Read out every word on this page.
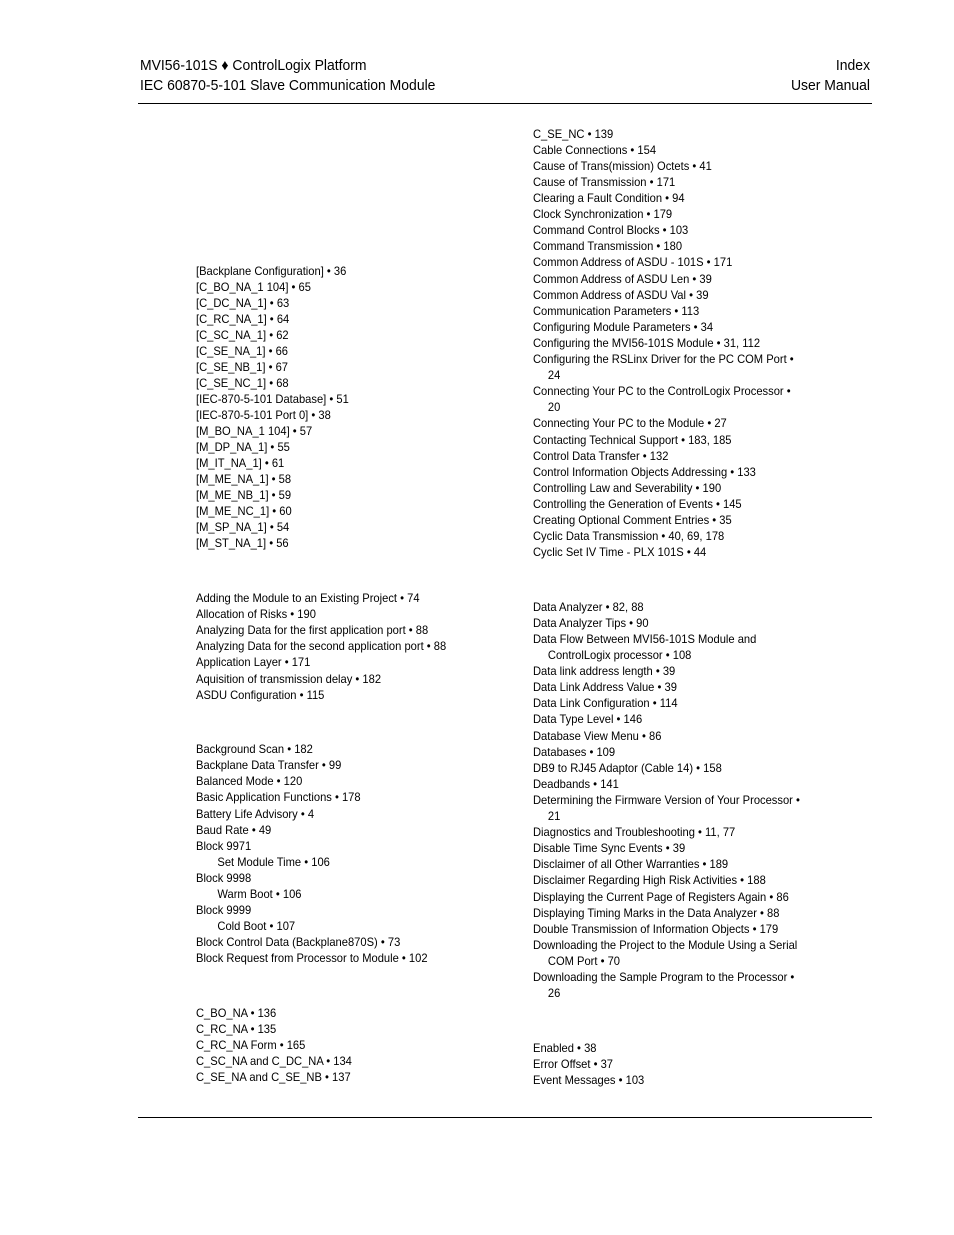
MVI56-101S ♦ ControlLogix Platform
IEC 60870-5-101 Slave Communication Module
Index
User Manual
[Backplane Configuration] • 36
[C_BO_NA_1 104] • 65
[C_DC_NA_1] • 63
[C_RC_NA_1] • 64
[C_SC_NA_1] • 62
[C_SE_NA_1] • 66
[C_SE_NB_1] • 67
[C_SE_NC_1] • 68
[IEC-870-5-101 Database] • 51
[IEC-870-5-101 Port 0] • 38
[M_BO_NA_1 104] • 57
[M_DP_NA_1] • 55
[M_IT_NA_1] • 61
[M_ME_NA_1] • 58
[M_ME_NB_1] • 59
[M_ME_NC_1] • 60
[M_SP_NA_1] • 54
[M_ST_NA_1] • 56
Adding the Module to an Existing Project • 74
Allocation of Risks • 190
Analyzing Data for the first application port • 88
Analyzing Data for the second application port • 88
Application Layer • 171
Aquisition of transmission delay • 182
ASDU Configuration • 115
Background Scan • 182
Backplane Data Transfer • 99
Balanced Mode • 120
Basic Application Functions • 178
Battery Life Advisory • 4
Baud Rate • 49
Block 9971
Set Module Time • 106
Block 9998
Warm Boot • 106
Block 9999
Cold Boot • 107
Block Control Data (Backplane870S) • 73
Block Request from Processor to Module • 102
C_BO_NA • 136
C_RC_NA • 135
C_RC_NA Form • 165
C_SC_NA and C_DC_NA • 134
C_SE_NA and C_SE_NB • 137
C_SE_NC • 139
Cable Connections • 154
Cause of Trans(mission) Octets • 41
Cause of Transmission • 171
Clearing a Fault Condition • 94
Clock Synchronization • 179
Command Control Blocks • 103
Command Transmission • 180
Common Address of ASDU - 101S • 171
Common Address of ASDU Len • 39
Common Address of ASDU Val • 39
Communication Parameters • 113
Configuring Module Parameters • 34
Configuring the MVI56-101S Module • 31, 112
Configuring the RSLinx Driver for the PC COM Port •
24
Connecting Your PC to the ControlLogix Processor •
20
Connecting Your PC to the Module • 27
Contacting Technical Support • 183, 185
Control Data Transfer • 132
Control Information Objects Addressing • 133
Controlling Law and Severability • 190
Controlling the Generation of Events • 145
Creating Optional Comment Entries • 35
Cyclic Data Transmission • 40, 69, 178
Cyclic Set IV Time - PLX 101S • 44
Data Analyzer • 82, 88
Data Analyzer Tips • 90
Data Flow Between MVI56-101S Module and
ControlLogix processor • 108
Data link address length • 39
Data Link Address Value • 39
Data Link Configuration • 114
Data Type Level • 146
Database View Menu • 86
Databases • 109
DB9 to RJ45 Adaptor (Cable 14) • 158
Deadbands • 141
Determining the Firmware Version of Your Processor •
21
Diagnostics and Troubleshooting • 11, 77
Disable Time Sync Events • 39
Disclaimer of all Other Warranties • 189
Disclaimer Regarding High Risk Activities • 188
Displaying the Current Page of Registers Again • 86
Displaying Timing Marks in the Data Analyzer • 88
Double Transmission of Information Objects • 179
Downloading the Project to the Module Using a Serial
COM Port • 70
Downloading the Sample Program to the Processor •
26
Enabled • 38
Error Offset • 37
Event Messages • 103
